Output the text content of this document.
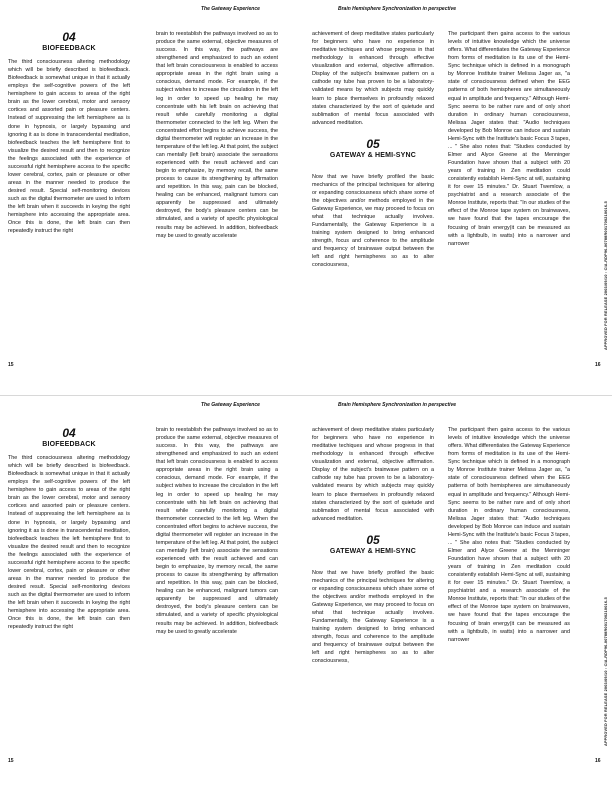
The Gateway Experience	Brain Hemisphere Synchronization in perspective
04
BIOFEEDBACK

The third consciousness altering methodology which will be briefly described is biofeedback. Biofeedback is somewhat unique in that it actually employs the self-cognitive powers of the left hemisphere to gain access to areas of the right brain as the lower cerebral, motor and sensory cortices and assorted pain or pleasure centers. Instead of suppressing the left hemisphere as is done in hypnosis, or largely bypassing and ignoring it as is done in transcendental meditation, biofeedback teaches the left hemisphere first to visualize the desired result and then to recognize the feelings associated with the experience of successful right hemisphere access to the specific lower cerebral, cortex, pain or pleasure or other areas in the manner needed to produce the desired result. Special self-monitoring devices such as the digital thermometer are used to inform the left brain when it succeeds in keying the right hemisphere into accessing the appropriate area. Once this is done, the left brain can then repeatedly instruct the right

brain to reestablish the pathways involved so as to produce the same external, objective measures of success. In this way, the pathways are strengthened and emphasized to such an extent that left brain consciousness is enabled to access appropriate areas in the right brain using a conscious, demand mode. For example, if the subject wishes to increase the circulation in the left leg in order to speed up healing he may concentrate with his left brain on achieving that result while carefully monitoring a digital thermometer connected to the left leg. When the concentrated effort begins to achieve success, the digital thermometer will register an increase in the temperature of the left leg. At that point, the subject can mentally (left brain) associate the sensations experienced with the result achieved and can begin to emphasize, by memory recall, the same process to cause its strengthening by affirmation and repetition. In this way, pain can be blocked, healing can be enhanced, malignant tumors can apparently be suppressed and ultimately destroyed, the body's pleasure centers can be stimulated, and a variety of specific physiological results may be achieved. In addition, biofeedback may be used to greatly accelerate

achievement of deep meditative states particularly for beginners who have no experience in meditative techiques and whose progress in that methodology is enhanced through effective visualization and external, objective affirmation. Display of the subject's brainwave pattern on a cathode ray tube has proven to be a laboratory-validated means by which subjects may quickly learn to place themselves in profoundly relaxed states characterized by the sort of quietude and sublimation of mental focus associated with advanced meditation.

05
GATEWAY & HEMI-SYNC

Now that we have briefly profiled the basic mechanics of the principal techniques for altering or expanding consciousness which share some of the objectives and/or methods employed in the Gateway Experience, we may proceed to focus on what that technique actually involves. Fundamentally, the Gateway Experience is a training system designed to bring enhanced strength, focus and coherence to the amplitude and frequency of brainwave output between the left and right hemispheres so as to alter consciousness,

The participant then gains access to the various levels of intuitive knowledge which the universe offers. What differentiates the Gateway Experience from forms of meditation is its use of the Hemi-Sync technique which is defined in a monograph by Monroe Institute trainer Melissa Jager as, "a state of consciousness defined when the EEG patterns of both hemispheres are simultaneously equal in amplitude and frequency." Although Hemi-Sync seems to be rather rare and of only short duration in ordinary human consciousness, Melissa Jager states that: "Audio techniques developed by Bob Monroe can induce and sustain Hemi-Sync with the Institute's basic Focus 3 tapes, ... " She also notes that: "Studies conducted by Elmer and Alyce Greene at the Menninger Foundation have shown that a subject with 20 years of training in Zen meditation could consistently establish Hemi-Sync at will, sustaining it for over 15 minutes." Dr. Stuart Twemlow, a psychiatrist and a research associate of the Monroe Institute, reports that: "In our studies of the effect of the Monroe tape system on brainwaves, we have found that the tapes encourage the focusing of brain energy(it can be measured as with a lightbulb, in watts) into a narrower and narrower	APPROVED FOR RELEASE 2003/09/10 : CIA-RDP96-00788R001700210016-5
15	16
The Gateway Experience	Brain Hemisphere Synchronization in perspective
04
BIOFEEDBACK

The third consciousness altering methodology which will be briefly described is biofeedback. Biofeedback is somewhat unique in that it actually employs the self-cognitive powers of the left hemisphere to gain access to areas of the right brain as the lower cerebral, motor and sensory cortices and assorted pain or pleasure centers. Instead of suppressing the left hemisphere as is done in hypnosis, or largely bypassing and ignoring it as is done in transcendental meditation, biofeedback teaches the left hemisphere first to visualize the desired result and then to recognize the feelings associated with the experience of successful right hemisphere access to the specific lower cerebral, cortex, pain or pleasure or other areas in the manner needed to produce the desired result. Special self-monitoring devices such as the digital thermometer are used to inform the left brain when it succeeds in keying the right hemisphere into accessing the appropriate area. Once this is done, the left brain can then repeatedly instruct the right

brain to reestablish the pathways involved so as to produce the same external, objective measures of success. In this way, the pathways are strengthened and emphasized to such an extent that left brain consciousness is enabled to access appropriate areas in the right brain using a conscious, demand mode. For example, if the subject wishes to increase the circulation in the left leg in order to speed up healing he may concentrate with his left brain on achieving that result while carefully monitoring a digital thermometer connected to the left leg. When the concentrated effort begins to achieve success, the digital thermometer will register an increase in the temperature of the left leg. At that point, the subject can mentally (left brain) associate the sensations experienced with the result achieved and can begin to emphasize, by memory recall, the same process to cause its strengthening by affirmation and repetition. In this way, pain can be blocked, healing can be enhanced, malignant tumors can apparently be suppressed and ultimately destroyed, the body's pleasure centers can be stimulated, and a variety of specific physiological results may be achieved. In addition, biofeedback may be used to greatly accelerate

achievement of deep meditative states particularly for beginners who have no experience in meditative techiques and whose progress in that methodology is enhanced through effective visualization and external, objective affirmation. Display of the subject's brainwave pattern on a cathode ray tube has proven to be a laboratory-validated means by which subjects may quickly learn to place themselves in profoundly relaxed states characterized by the sort of quietude and sublimation of mental focus associated with advanced meditation.

05
GATEWAY & HEMI-SYNC

Now that we have briefly profiled the basic mechanics of the principal techniques for altering or expanding consciousness which share some of the objectives and/or methods employed in the Gateway Experience, we may proceed to focus on what that technique actually involves. Fundamentally, the Gateway Experience is a training system designed to bring enhanced strength, focus and coherence to the amplitude and frequency of brainwave output between the left and right hemispheres so as to alter consciousness,

The participant then gains access to the various levels of intuitive knowledge which the universe offers. What differentiates the Gateway Experience from forms of meditation is its use of the Hemi-Sync technique which is defined in a monograph by Monroe Institute trainer Melissa Jager as, "a state of consciousness defined when the EEG patterns of both hemispheres are simultaneously equal in amplitude and frequency." Although Hemi-Sync seems to be rather rare and of only short duration in ordinary human consciousness, Melissa Jager states that: "Audio techniques developed by Bob Monroe can induce and sustain Hemi-Sync with the Institute's basic Focus 3 tapes, ... " She also notes that: "Studies conducted by Elmer and Alyce Greene at the Menninger Foundation have shown that a subject with 20 years of training in Zen meditation could consistently establish Hemi-Sync at will, sustaining it for over 15 minutes." Dr. Stuart Twemlow, a psychiatrist and a research associate of the Monroe Institute, reports that: "In our studies of the effect of the Monroe tape system on brainwaves, we have found that the tapes encourage the focusing of brain energy(it can be measured as with a lightbulb, in watts) into a narrower and narrower	APPROVED FOR RELEASE 2003/09/10 : CIA-RDP96-00788R001700210016-5
15	16
